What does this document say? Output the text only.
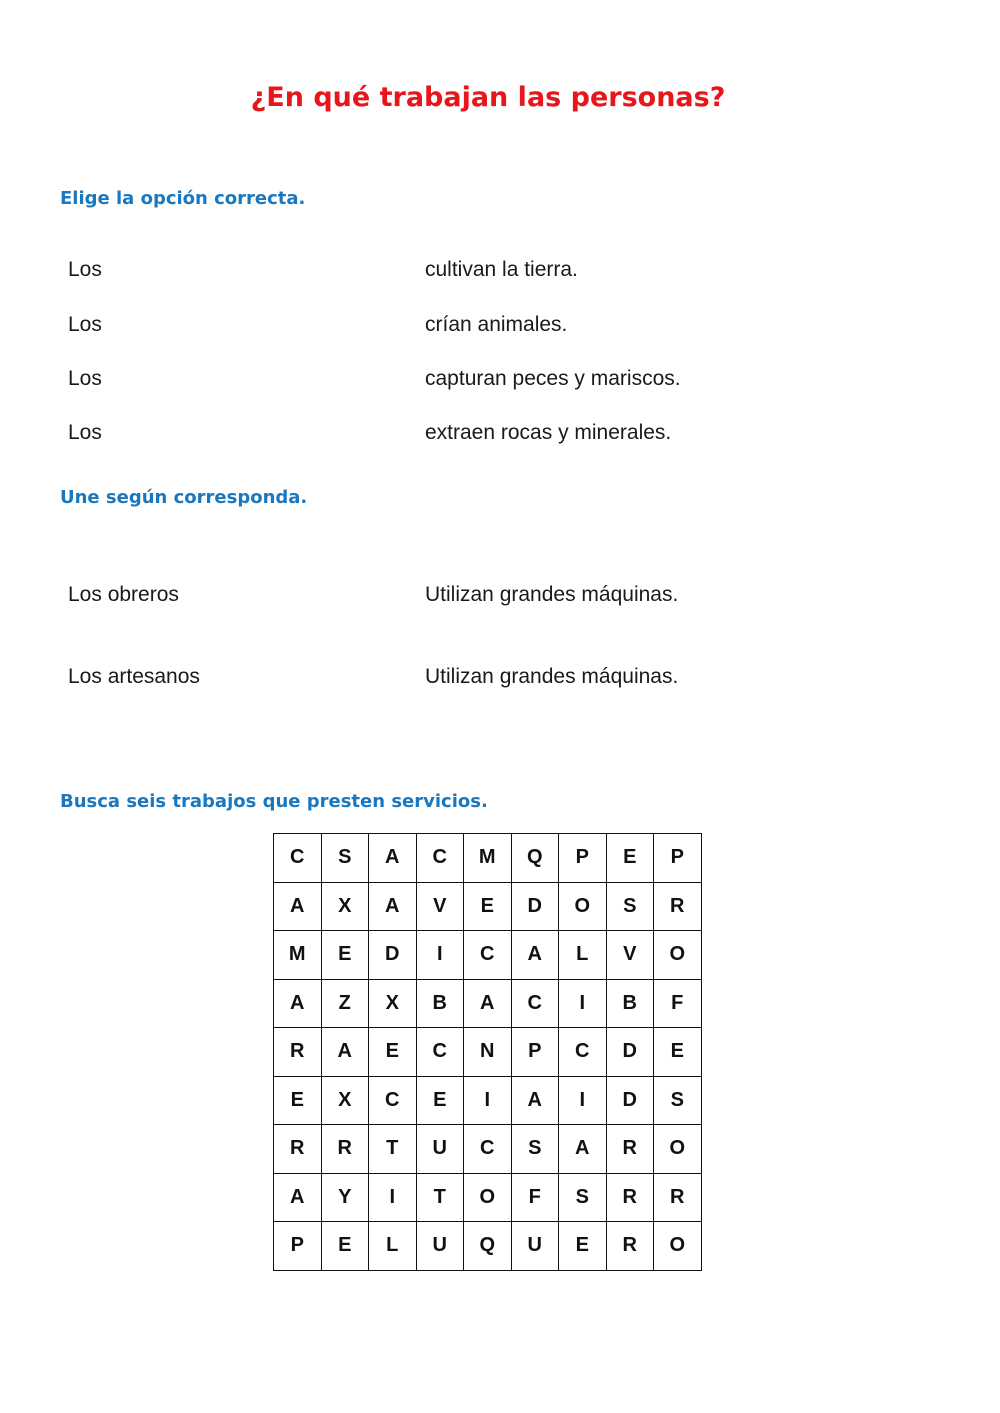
¿En qué trabajan las personas?
Elige la opción correcta.
Los	cultivan la tierra.
Los	crían animales.
Los	capturan peces y mariscos.
Los	extraen rocas y minerales.
Une según corresponda.
Los obreros	Utilizan grandes máquinas.
Los artesanos	Utilizan grandes máquinas.
Busca seis trabajos que presten servicios.
C	S	A	C	M	Q	P	E	P
A	X	A	V	E	D	O	S	R
M	E	D	I	C	A	L	V	O
A	Z	X	B	A	C	I	B	F
R	A	E	C	N	P	C	D	E
E	X	C	E	I	A	I	D	S
R	R	T	U	C	S	A	R	O
A	Y	I	T	O	F	S	R	R
P	E	L	U	Q	U	E	R	O
